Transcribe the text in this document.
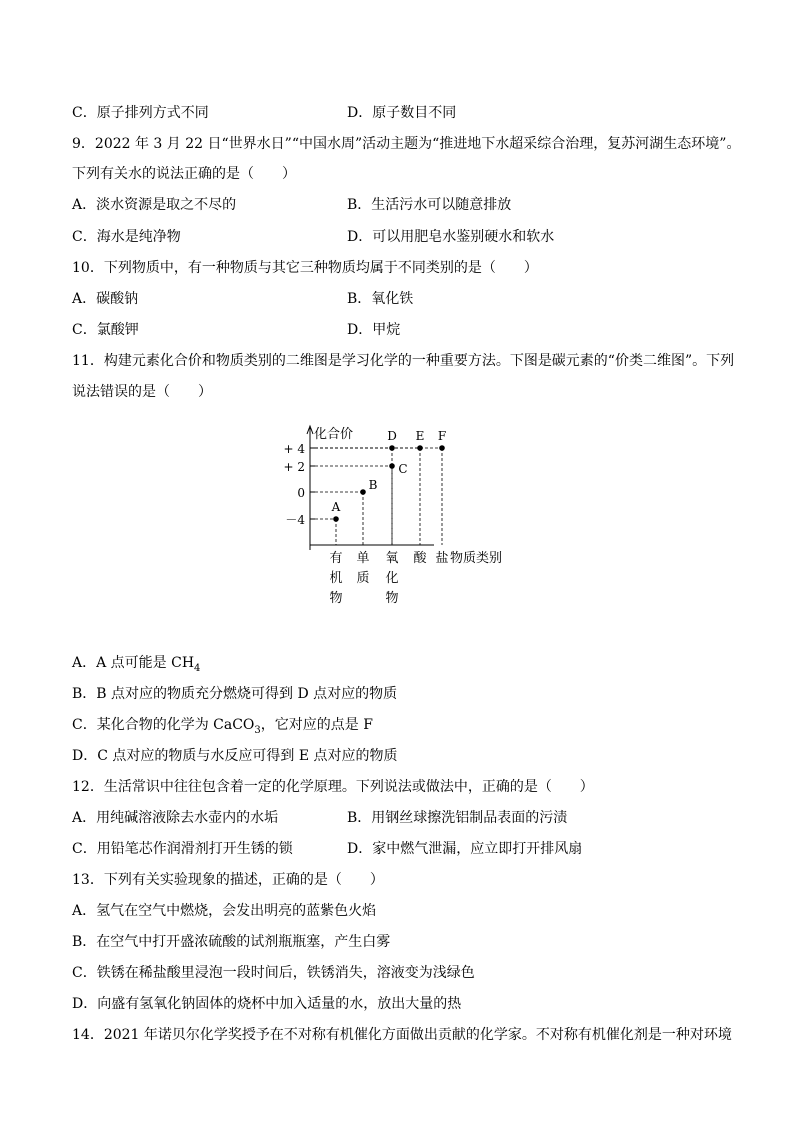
C．原子排列方式不同	D．原子数目不同
9．2022 年 3 月 22 日“世界水日”“中国水周”活动主题为“推进地下水超采综合治理，复苏河湖生态环境”。
下列有关水的说法正确的是（　　）
A．淡水资源是取之不尽的	B．生活污水可以随意排放
C．海水是纯净物	D．可以用肥皂水鉴别硬水和软水
10．下列物质中，有一种物质与其它三种物质均属于不同类别的是（　　）
A．碳酸钠	B．氧化铁
C．氯酸钾	D．甲烷
11．构建元素化合价和物质类别的二维图是学习化学的一种重要方法。下图是碳元素的“价类二维图”。下列
说法错误的是（　　）
化合价
物质类别
+ 4
+ 2
0
－4
有
机
物
单
质
氧
化
物
酸 盐
A
B
C
D E F
A．A 点可能是 $CH_4$
B．B 点对应的物质充分燃烧可得到 D 点对应的物质
C．某化合物的化学为 CaCO$_3$，它对应的点是 F
D．C 点对应的物质与水反应可得到 E 点对应的物质
12．生活常识中往往包含着一定的化学原理。下列说法或做法中，正确的是（　　）
A．用纯碱溶液除去水壶内的水垢	B．用钢丝球擦洗铝制品表面的污渍
C．用铅笔芯作润滑剂打开生锈的锁	D．家中燃气泄漏，应立即打开排风扇
13．下列有关实验现象的描述，正确的是（　　）
A．氢气在空气中燃烧，会发出明亮的蓝紫色火焰
B．在空气中打开盛浓硫酸的试剂瓶瓶塞，产生白雾
C．铁锈在稀盐酸里浸泡一段时间后，铁锈消失，溶液变为浅绿色
D．向盛有氢氧化钠固体的烧杯中加入适量的水，放出大量的热
14．2021 年诺贝尔化学奖授予在不对称有机催化方面做出贡献的化学家。不对称有机催化剂是一种对环境
